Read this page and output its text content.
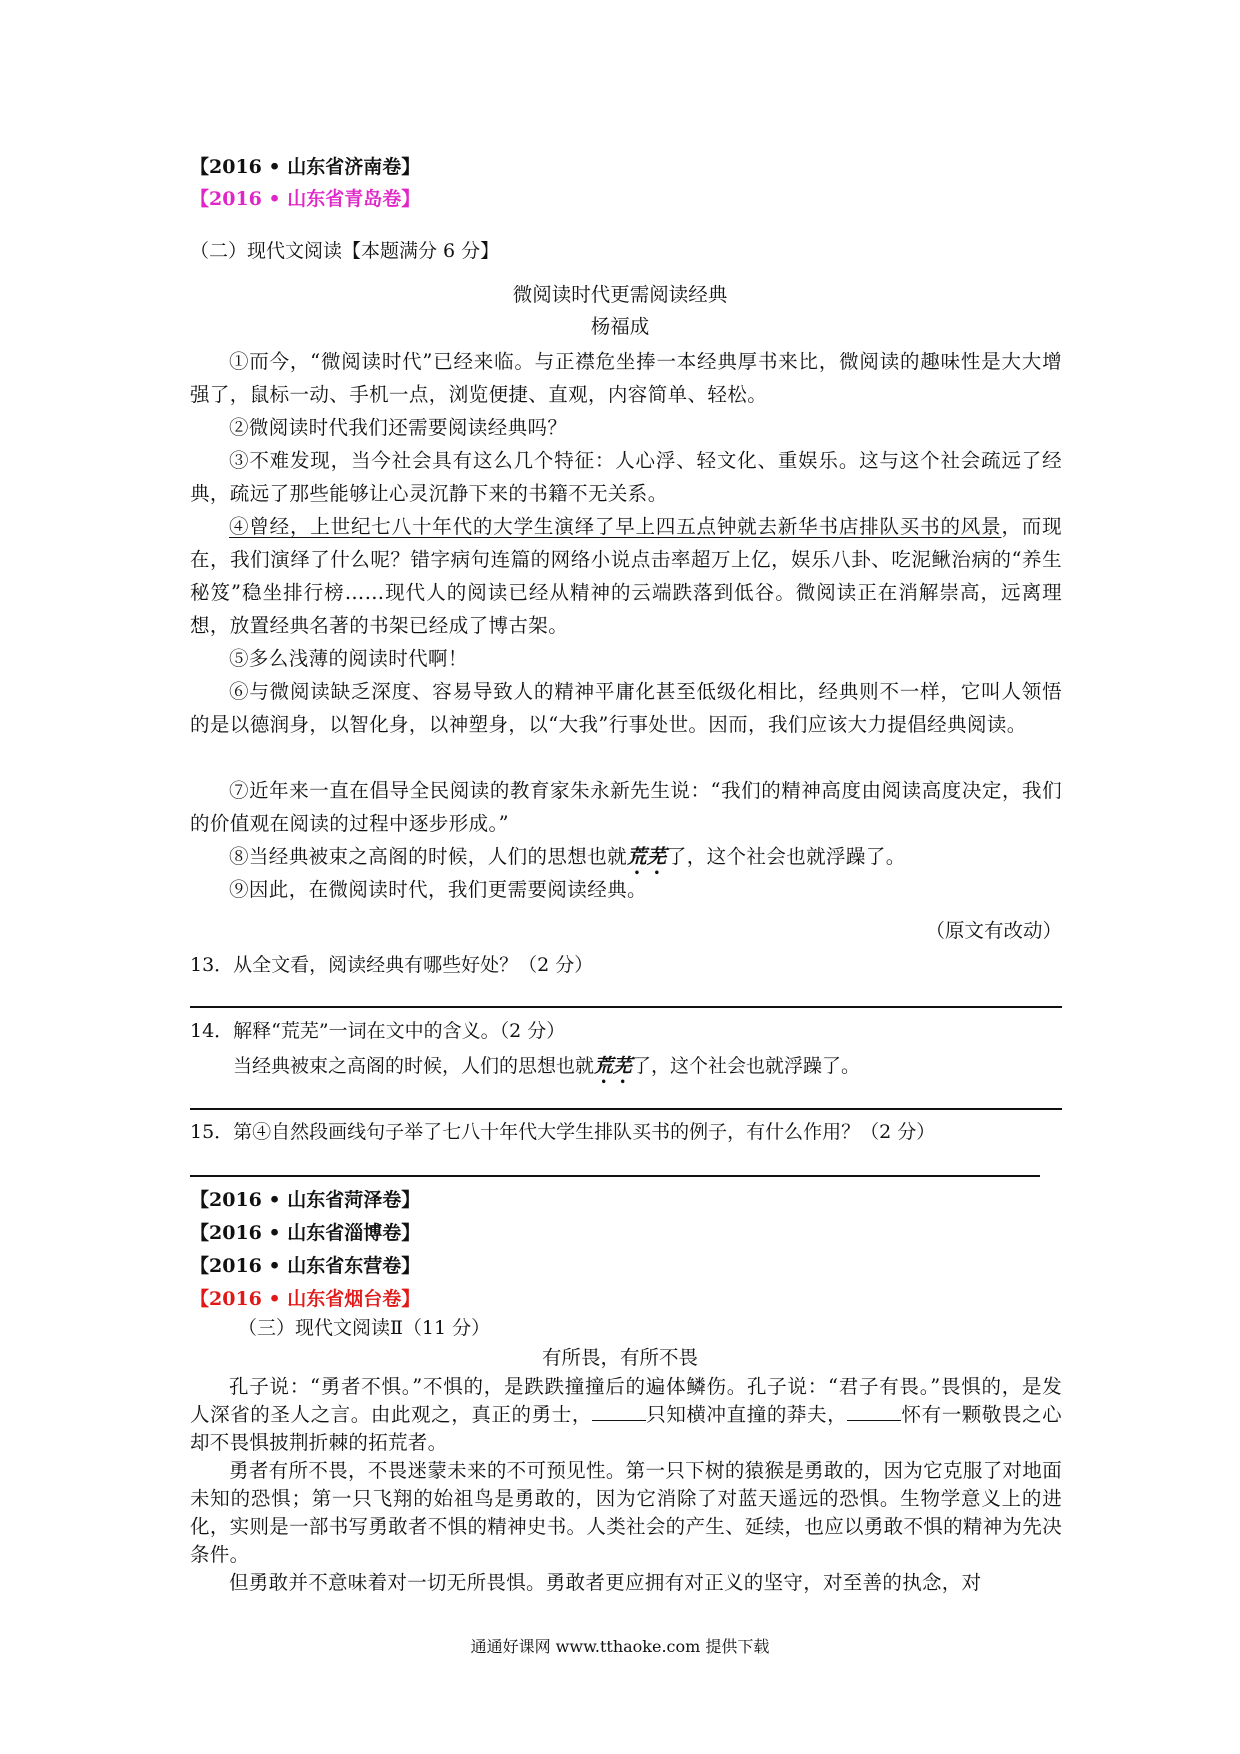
【2016 • 山东省济南卷】
【2016 • 山东省青岛卷】
（二）现代文阅读【本题满分 6 分】
微阅读时代更需阅读经典
杨福成
①而今，“微阅读时代”已经来临。与正襟危坐捧一本经典厚书来比，微阅读的趣味性是大大增强了，鼠标一动、手机一点，浏览便捷、直观，内容简单、轻松。
②微阅读时代我们还需要阅读经典吗？
③不难发现，当今社会具有这么几个特征：人心浮、轻文化、重娱乐。这与这个社会疏远了经典，疏远了那些能够让心灵沉静下来的书籍不无关系。
④曾经，上世纪七八十年代的大学生演绎了早上四五点钟就去新华书店排队买书的风景，而现在，我们演绎了什么呢？错字病句连篇的网络小说点击率超万上亿，娱乐八卦、吃泥鳅治病的“养生秘笈”稳坐排行榜……现代人的阅读已经从精神的云端跌落到低谷。微阅读正在消解崇高，远离理想，放置经典名著的书架已经成了博古架。
⑤多么浅薄的阅读时代啊！
⑥与微阅读缺乏深度、容易导致人的精神平庸化甚至低级化相比，经典则不一样，它叫人领悟的是以德润身，以智化身，以神塑身，以“大我”行事处世。因而，我们应该大力提倡经典阅读。
⑦近年来一直在倡导全民阅读的教育家朱永新先生说：“我们的精神高度由阅读高度决定，我们的价值观在阅读的过程中逐步形成。”
⑧当经典被束之高阁的时候，人们的思想也就荒芜了，这个社会也就浮躁了。
⑨因此，在微阅读时代，我们更需要阅读经典。
（原文有改动）
13．从全文看，阅读经典有哪些好处？（2 分）
14．解释“荒芜”一词在文中的含义。（2 分）
当经典被束之高阁的时候，人们的思想也就荒芜了，这个社会也就浮躁了。
15．第④自然段画线句子举了七八十年代大学生排队买书的例子，有什么作用？（2 分）
【2016 • 山东省菏泽卷】
【2016 • 山东省淄博卷】
【2016 • 山东省东营卷】
【2016 • 山东省烟台卷】
（三）现代文阅读Ⅱ（11 分）
有所畏，有所不畏
孔子说：“勇者不惧。”不惧的，是跌跌撞撞后的遍体鳞伤。孔子说：“君子有畏。”畏惧的，是发人深省的圣人之言。由此观之，真正的勇士，	只知横冲直撞的莽夫，	怀有一颗敬畏之心却不畏惧披荆折棘的拓荒者。
勇者有所不畏，不畏迷蒙未来的不可预见性。第一只下树的猿猴是勇敢的，因为它克服了对地面未知的恐惧；第一只飞翔的始祖鸟是勇敢的，因为它消除了对蓝天遥远的恐惧。生物学意义上的进化，实则是一部书写勇敢者不惧的精神史书。人类社会的产生、延续，也应以勇敢不惧的精神为先决条件。
但勇敢并不意味着对一切无所畏惧。勇敢者更应拥有对正义的坚守，对至善的执念，对
通通好课网 www.tthaoke.com 提供下载
